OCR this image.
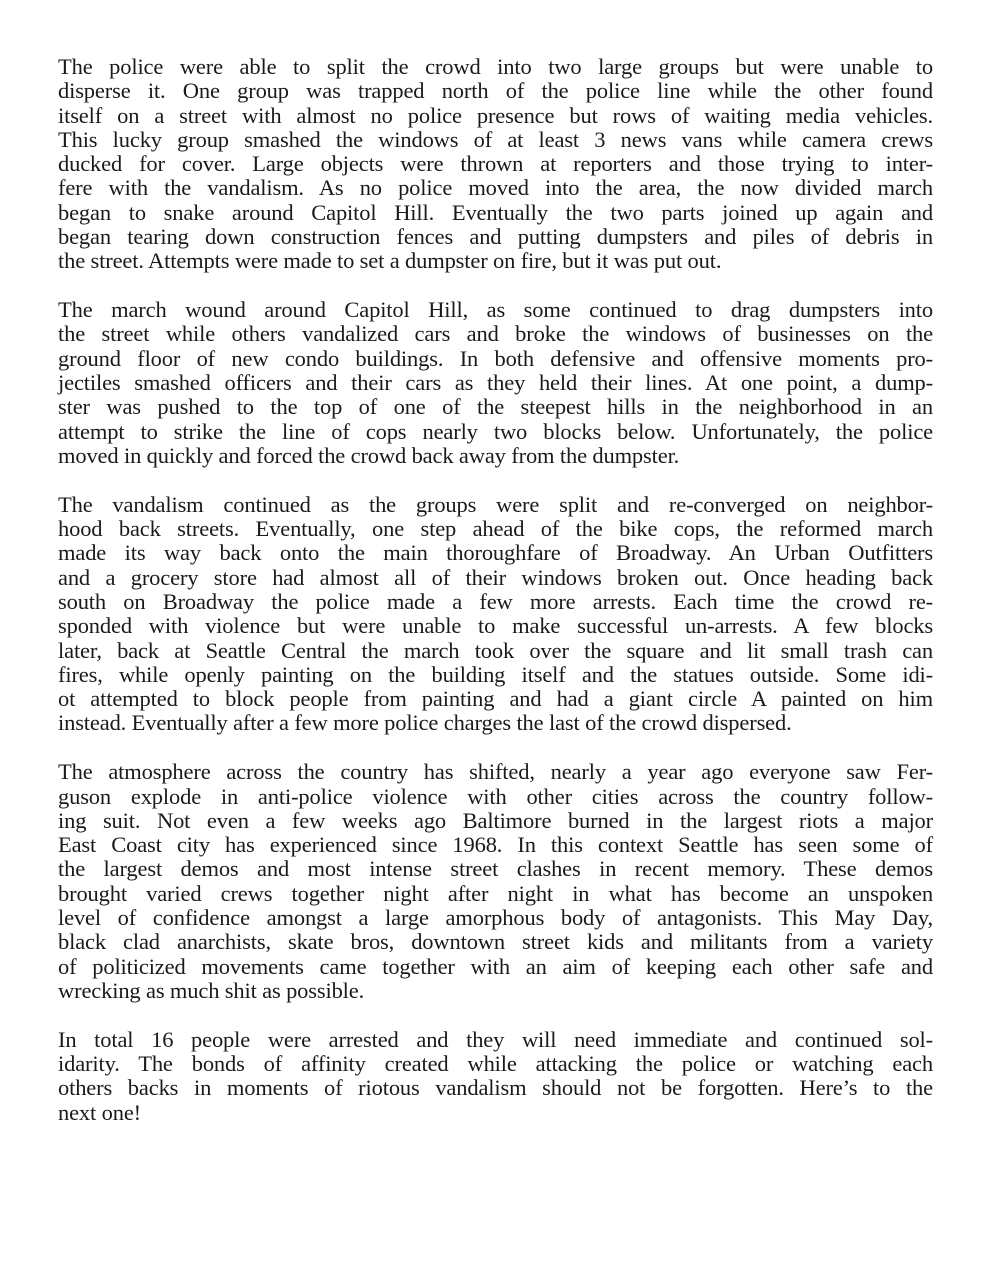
The police were able to split the crowd into two large groups but were unable to
disperse it. One group was trapped north of the police line while the other found
itself on a street with almost no police presence but rows of waiting media vehicles.
This lucky group smashed the windows of at least 3 news vans while camera crews
ducked for cover. Large objects were thrown at reporters and those trying to inter-
fere with the vandalism. As no police moved into the area, the now divided march
began to snake around Capitol Hill. Eventually the two parts joined up again and
began tearing down construction fences and putting dumpsters and piles of debris in
the street. Attempts were made to set a dumpster on fire, but it was put out.
The march wound around Capitol Hill, as some continued to drag dumpsters into
the street while others vandalized cars and broke the windows of businesses on the
ground floor of new condo buildings. In both defensive and offensive moments pro-
jectiles smashed officers and their cars as they held their lines. At one point, a dump-
ster was pushed to the top of one of the steepest hills in the neighborhood in an
attempt to strike the line of cops nearly two blocks below. Unfortunately, the police
moved in quickly and forced the crowd back away from the dumpster.
The vandalism continued as the groups were split and re-converged on neighbor-
hood back streets. Eventually, one step ahead of the bike cops, the reformed march
made its way back onto the main thoroughfare of Broadway. An Urban Outfitters
and a grocery store had almost all of their windows broken out. Once heading back
south on Broadway the police made a few more arrests. Each time the crowd re-
sponded with violence but were unable to make successful un-arrests. A few blocks
later, back at Seattle Central the march took over the square and lit small trash can
fires, while openly painting on the building itself and the statues outside. Some idi-
ot attempted to block people from painting and had a giant circle A painted on him
instead. Eventually after a few more police charges the last of the crowd dispersed.
The atmosphere across the country has shifted, nearly a year ago everyone saw Fer-
guson explode in anti-police violence with other cities across the country follow-
ing suit. Not even a few weeks ago Baltimore burned in the largest riots a major
East Coast city has experienced since 1968. In this context Seattle has seen some of
the largest demos and most intense street clashes in recent memory. These demos
brought varied crews together night after night in what has become an unspoken
level of confidence amongst a large amorphous body of antagonists. This May Day,
black clad anarchists, skate bros, downtown street kids and militants from a variety
of politicized movements came together with an aim of keeping each other safe and
wrecking as much shit as possible.
In total 16 people were arrested and they will need immediate and continued sol-
idarity. The bonds of affinity created while attacking the police or watching each
others backs in moments of riotous vandalism should not be forgotten. Here’s to the
next one!
